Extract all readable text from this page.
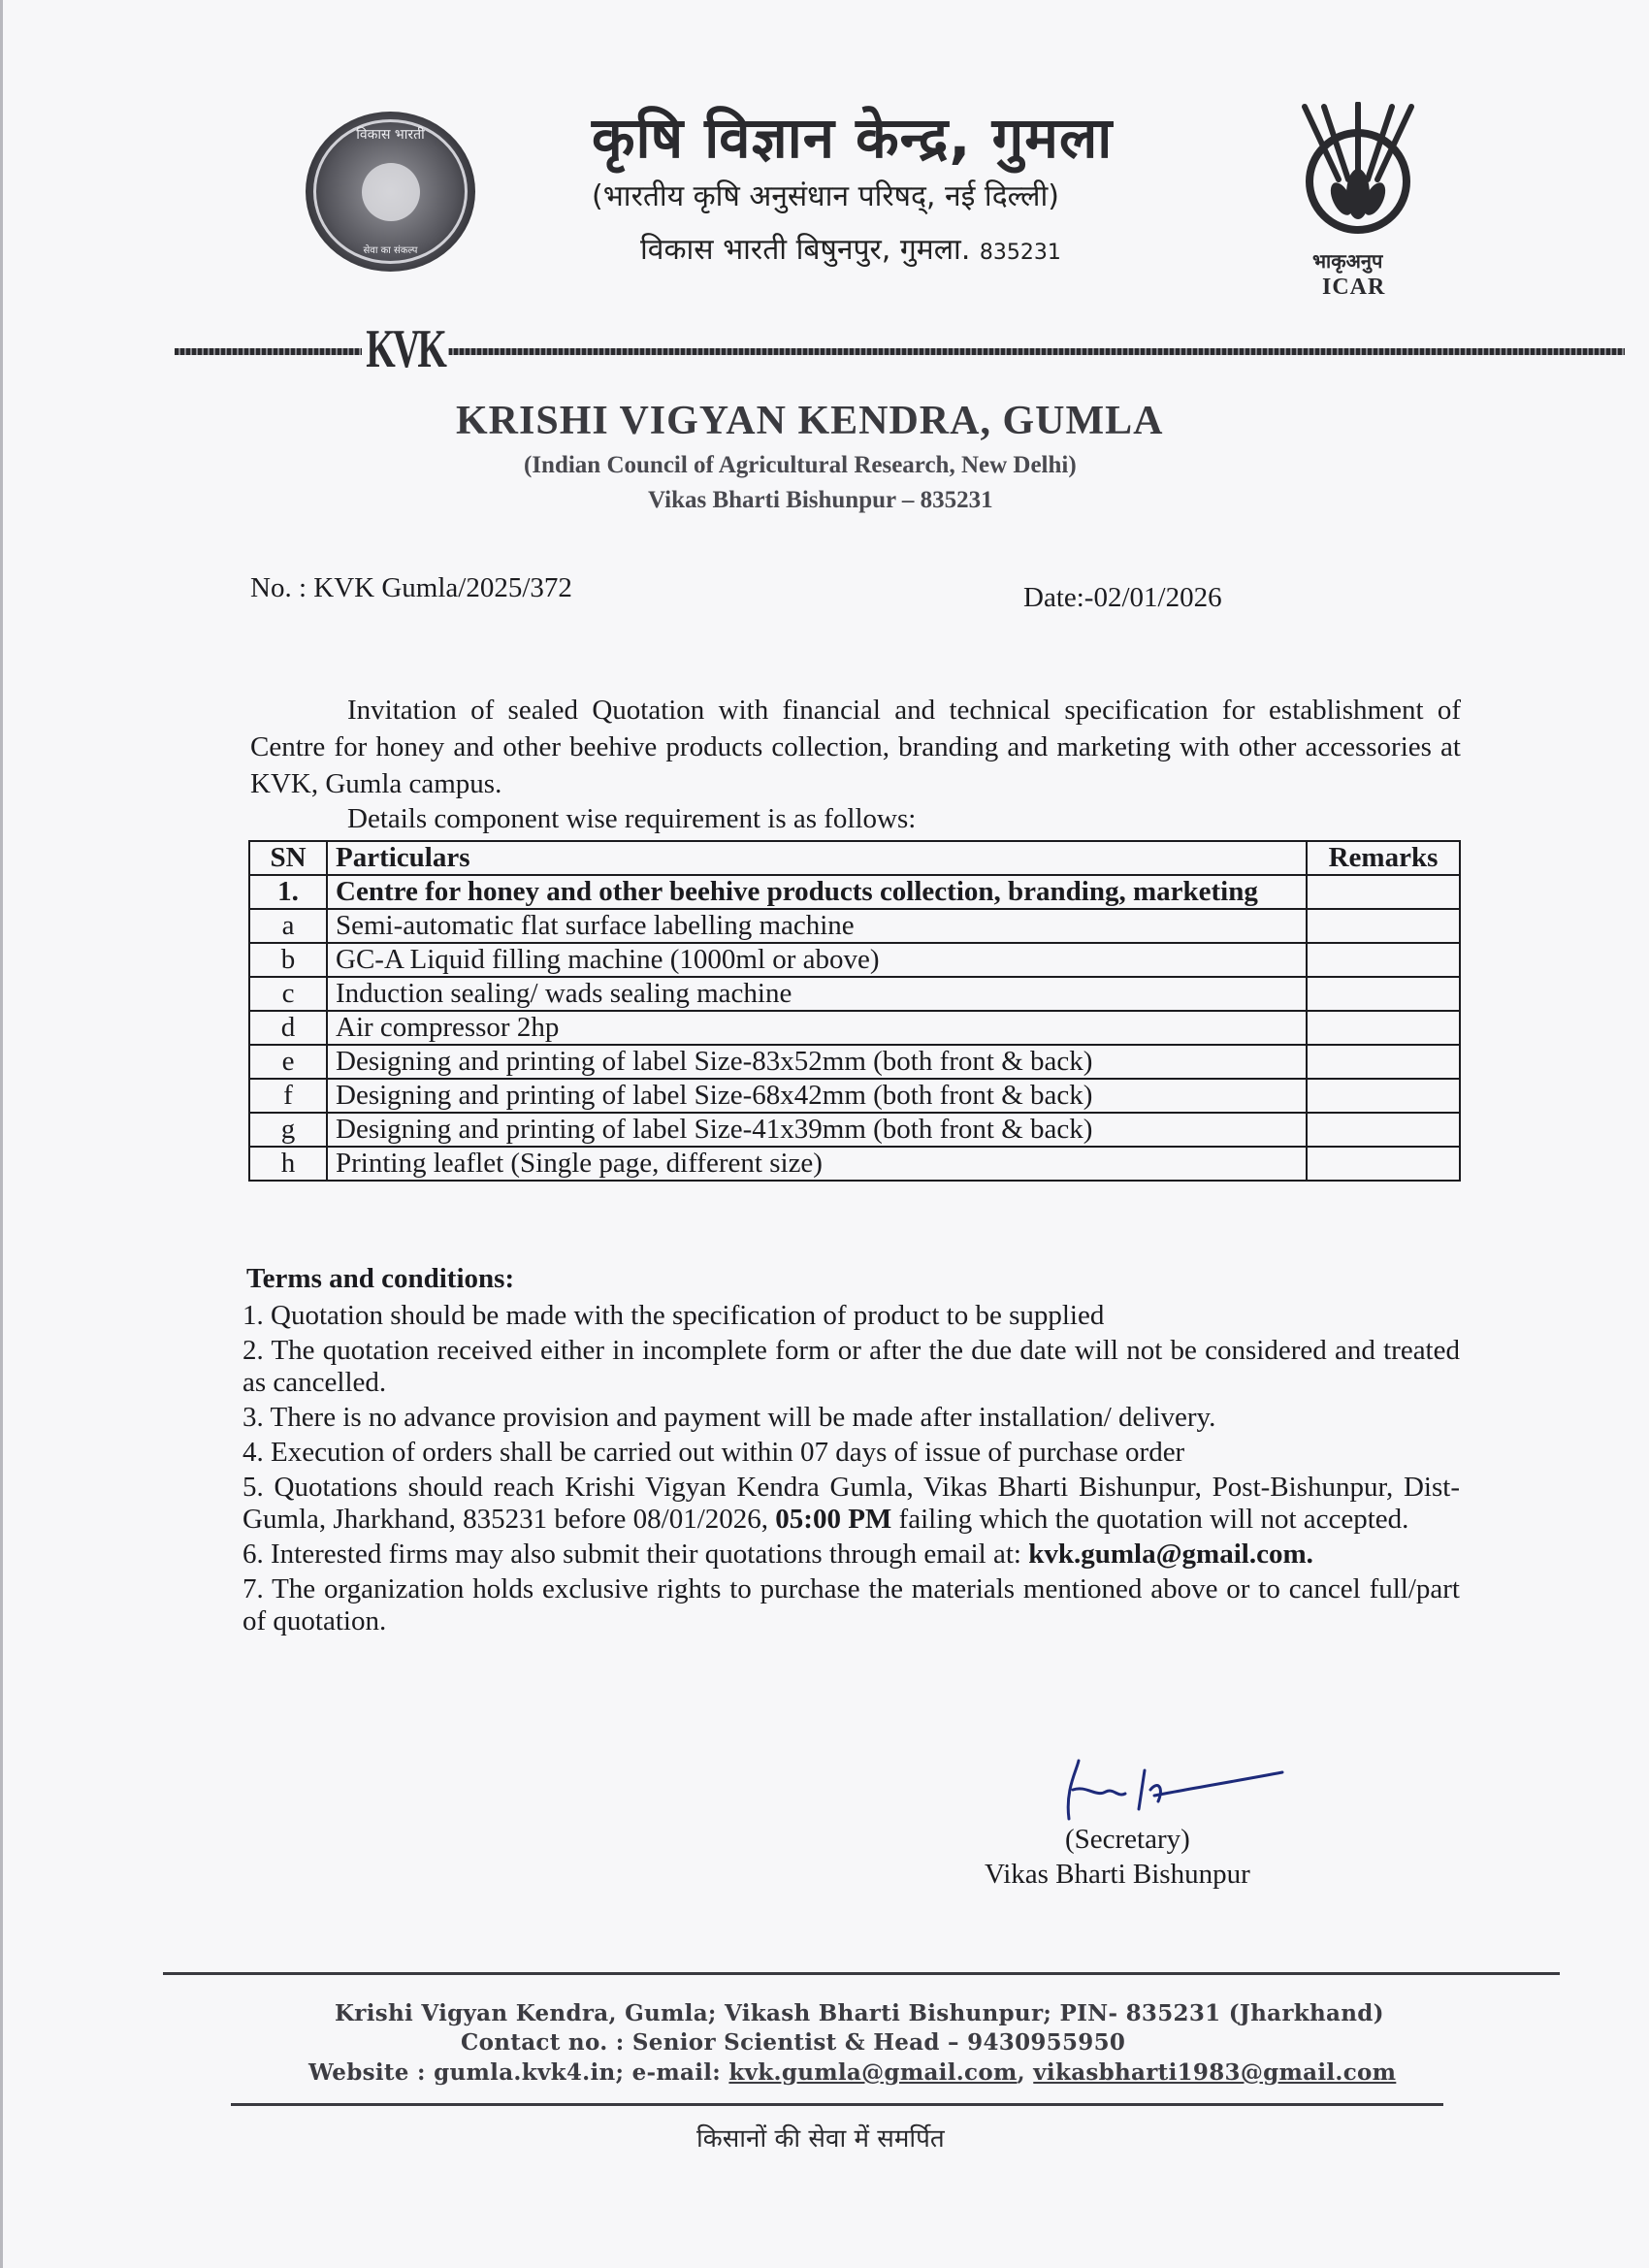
विकास भारती
सेवा का संकल्प
कृषि विज्ञान केन्द्र, गुमला
(भारतीय कृषि अनुसंधान परिषद्, नई दिल्ली)
विकास भारती बिषुनपुर, गुमला. 835231	भाकृअनुप
ICAR
KVK
KRISHI VIGYAN KENDRA, GUMLA
(Indian Council of Agricultural Research, New Delhi)
Vikas Bharti Bishunpur – 835231
No. : KVK Gumla/2025/372	Date:-02/01/2026

Invitation of sealed Quotation with financial and technical specification for establishment of Centre for honey and other beehive products collection, branding and marketing with other accessories at KVK, Gumla campus.

Details component wise requirement is as follows:
SN	Particulars	Remarks
1.	Centre for honey and other beehive products collection, branding, marketing	
a	Semi-automatic flat surface labelling machine	
b	GC-A Liquid filling machine (1000ml or above)	
c	Induction sealing/ wads sealing machine	
d	Air compressor 2hp	
e	Designing and printing of label Size-83x52mm (both front & back)	
f	Designing and printing of label Size-68x42mm (both front & back)	
g	Designing and printing of label Size-41x39mm (both front & back)	
h	Printing leaflet (Single page, different size)	
Terms and conditions:
1. Quotation should be made with the specification of product to be supplied
2. The quotation received either in incomplete form or after the due date will not be considered and treated as cancelled.
3. There is no advance provision and payment will be made after installation/ delivery.
4. Execution of orders shall be carried out within 07 days of issue of purchase order
5. Quotations should reach Krishi Vigyan Kendra Gumla, Vikas Bharti Bishunpur, Post-Bishunpur, Dist- Gumla, Jharkhand, 835231 before 08/01/2026, 05:00 PM failing which the quotation will not accepted.
6. Interested firms may also submit their quotations through email at: kvk.gumla@gmail.com.
7. The organization holds exclusive rights to purchase the materials mentioned above or to cancel full/part of quotation.
(Secretary)
Vikas Bharti Bishunpur
Krishi Vigyan Kendra, Gumla; Vikash Bharti Bishunpur; PIN- 835231 (Jharkhand)
Contact no. : Senior Scientist & Head – 9430955950
Website : gumla.kvk4.in; e-mail: kvk.gumla@gmail.com, vikasbharti1983@gmail.com
किसानों की सेवा में समर्पित
